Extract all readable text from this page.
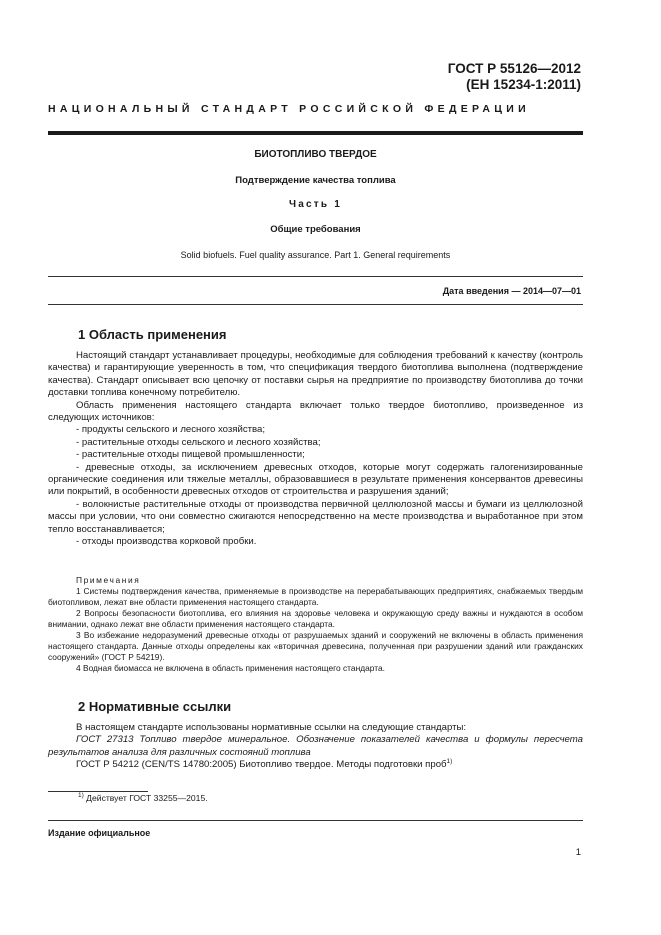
ГОСТ Р 55126—2012
(ЕН 15234-1:2011)
НАЦИОНАЛЬНЫЙ СТАНДАРТ РОССИЙСКОЙ ФЕДЕРАЦИИ
БИОТОПЛИВО ТВЕРДОЕ
Подтверждение качества топлива
Часть 1
Общие требования
Solid biofuels. Fuel quality assurance. Part 1. General requirements
Дата введения — 2014—07—01
1 Область применения

Настоящий стандарт устанавливает процедуры, необходимые для соблюдения требований к качеству (контроль качества) и гарантирующие уверенность в том, что спецификация твердого биотоплива выполнена (подтверждение качества). Стандарт описывает всю цепочку от поставки сырья на предприятие по производству биотоплива до точки доставки топлива конечному потребителю.

Область применения настоящего стандарта включает только твердое биотопливо, произведенное из следующих источников:

- продукты сельского и лесного хозяйства;

- растительные отходы сельского и лесного хозяйства;

- растительные отходы пищевой промышленности;

- древесные отходы, за исключением древесных отходов, которые могут содержать галогенизированные органические соединения или тяжелые металлы, образовавшиеся в результате применения консервантов древесины или покрытий, в особенности древесных отходов от строительства и разрушения зданий;

- волокнистые растительные отходы от производства первичной целлюлозной массы и бумаги из целлюлозной массы при условии, что они совместно сжигаются непосредственно на месте производства и выработанное при этом тепло восстанавливается;

- отходы производства корковой пробки.

Примечания

1 Системы подтверждения качества, применяемые в производстве на перерабатывающих предприятиях, снабжаемых твердым биотопливом, лежат вне области применения настоящего стандарта.

2 Вопросы безопасности биотоплива, его влияния на здоровье человека и окружающую среду важны и нуждаются в особом внимании, однако лежат вне области применения настоящего стандарта.

3 Во избежание недоразумений древесные отходы от разрушаемых зданий и сооружений не включены в область применения настоящего стандарта. Данные отходы определены как «вторичная древесина, полученная при разрушении зданий или гражданских сооружений» (ГОСТ Р 54219).

4 Водная биомасса не включена в область применения настоящего стандарта.

2 Нормативные ссылки

В настоящем стандарте использованы нормативные ссылки на следующие стандарты:

ГОСТ 27313 Топливо твердое минеральное. Обозначение показателей качества и формулы пересчета результатов анализа для различных состояний топлива

ГОСТ Р 54212 (CEN/TS 14780:2005) Биотопливо твердое. Методы подготовки проб$^{1)}$

$^{1)}$ Действует ГОСТ 33255—2015.
Издание официальное
1
